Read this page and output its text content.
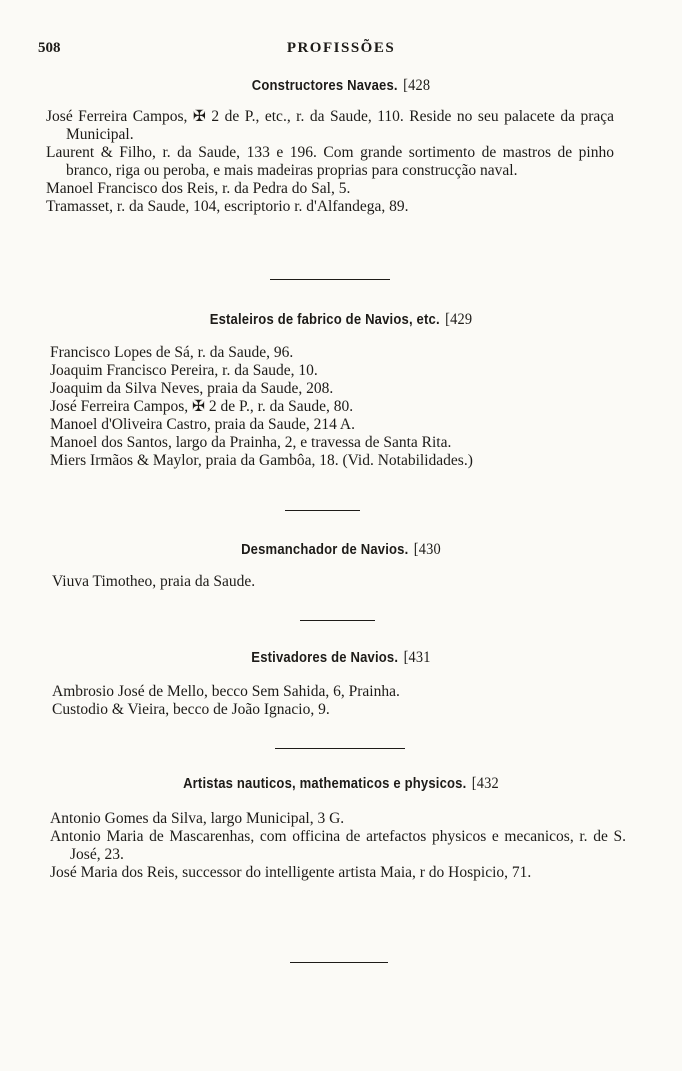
508	PROFISSÕES
Constructores Navaes. [428
José Ferreira Campos, ✠ 2 de P., etc., r. da Saude, 110. Reside no seu palacete da praça Municipal.
Laurent & Filho, r. da Saude, 133 e 196. Com grande sortimento de mastros de pinho branco, riga ou peroba, e mais madeiras proprias para construcção naval.
Manoel Francisco dos Reis, r. da Pedra do Sal, 5.
Tramasset, r. da Saude, 104, escriptorio r. d'Alfandega, 89.
Estaleiros de fabrico de Navios, etc. [429
Francisco Lopes de Sá, r. da Saude, 96.
Joaquim Francisco Pereira, r. da Saude, 10.
Joaquim da Silva Neves, praia da Saude, 208.
José Ferreira Campos, ✠ 2 de P., r. da Saude, 80.
Manoel d'Oliveira Castro, praia da Saude, 214 A.
Manoel dos Santos, largo da Prainha, 2, e travessa de Santa Rita.
Miers Irmãos & Maylor, praia da Gambôa, 18. (Vid. Notabilidades.)
Desmanchador de Navios. [430
Viuva Timotheo, praia da Saude.
Estivadores de Navios. [431
Ambrosio José de Mello, becco Sem Sahida, 6, Prainha.
Custodio & Vieira, becco de João Ignacio, 9.
Artistas nauticos, mathematicos e physicos. [432
Antonio Gomes da Silva, largo Municipal, 3 G.
Antonio Maria de Mascarenhas, com officina de artefactos physicos e mecanicos, r. de S. José, 23.
José Maria dos Reis, successor do intelligente artista Maia, r do Hospicio, 71.
